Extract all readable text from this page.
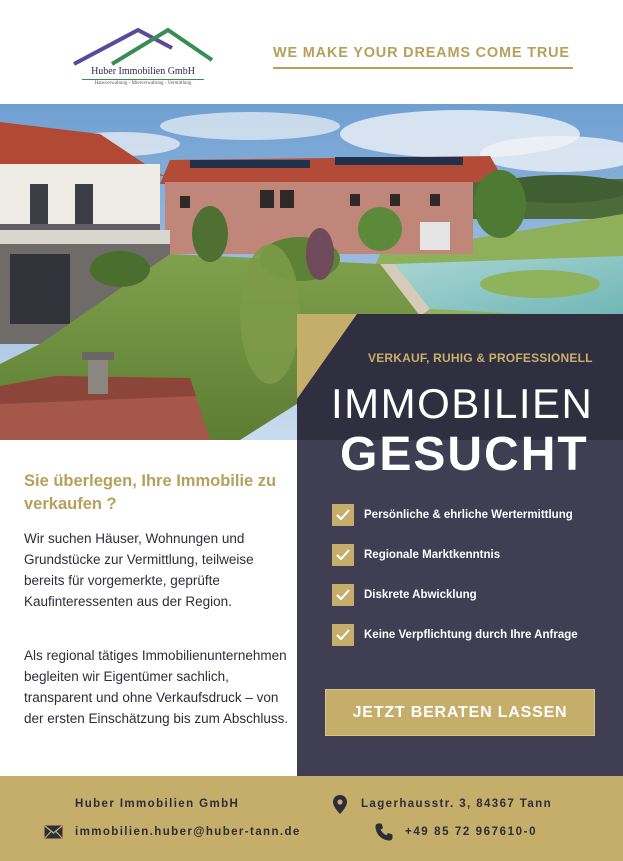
Huber Immobilien GmbH
Hausverwaltung - Mietverwaltung - Vermittlung
WE MAKE YOUR DREAMS COME TRUE
VERKAUF, RUHIG & PROFESSIONELL
IMMOBILIEN
GESUCHT
Persönliche & ehrliche Wertermittlung
Regionale Marktkenntnis
Diskrete Abwicklung
Keine Verpflichtung durch Ihre Anfrage
JETZT BERATEN LASSEN
Sie überlegen, Ihre Immobilie zu verkaufen ?
Wir suchen Häuser, Wohnungen und Grundstücke zur Vermittlung, teilweise bereits für vorgemerkte, geprüfte Kaufinteressenten aus der Region.
Als regional tätiges Immobilienunternehmen begleiten wir Eigentümer sachlich, transparent und ohne Verkaufsdruck – von der ersten Einschätzung bis zum Abschluss.
Huber Immobilien GmbH	Lagerhausstr. 3, 84367 Tann
immobilien.huber@huber-tann.de	+49 85 72 967610-0
